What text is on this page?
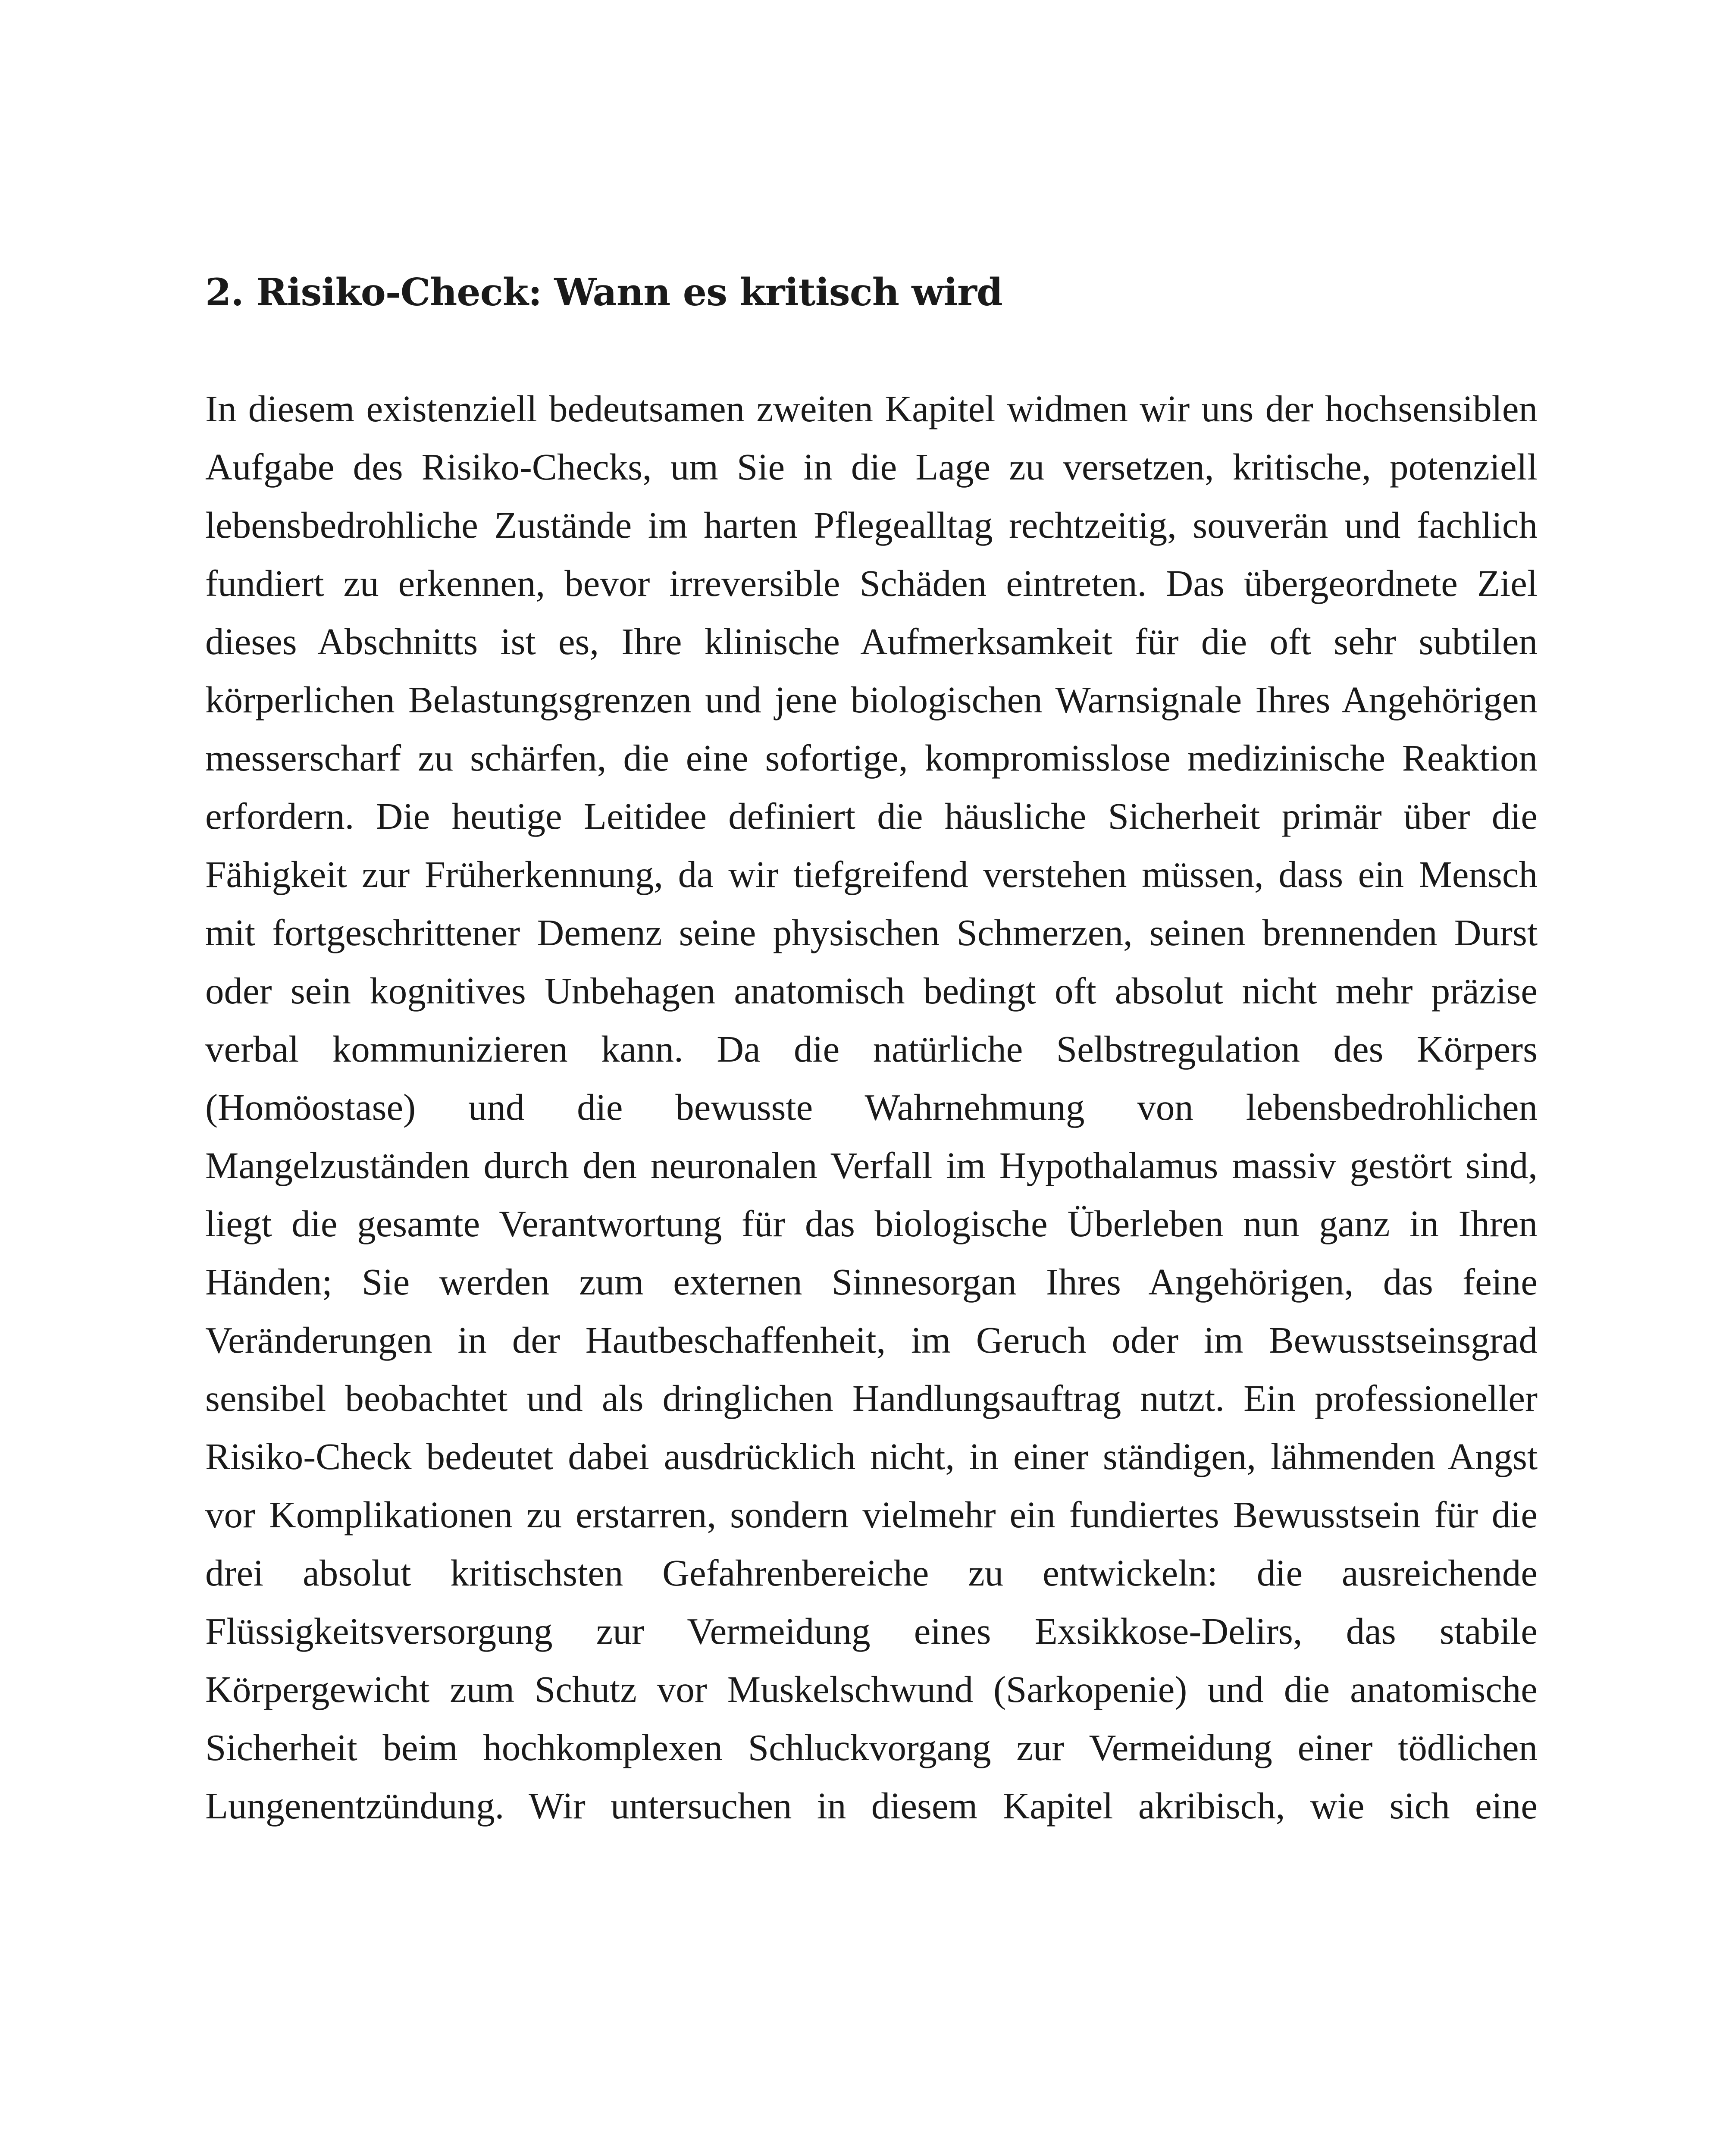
2. Risiko-Check: Wann es kritisch wird

In diesem existenziell bedeutsamen zweiten Kapitel widmen wir uns der hochsensiblen Aufgabe des Risiko-Checks, um Sie in die Lage zu versetzen, kritische, potenziell lebensbedrohliche Zustände im harten Pflegealltag rechtzeitig, souverän und fachlich fundiert zu erkennen, bevor irreversible Schäden eintreten. Das übergeordnete Ziel dieses Abschnitts ist es, Ihre klinische Aufmerksamkeit für die oft sehr subtilen körperlichen Belastungsgrenzen und jene biologischen Warnsignale Ihres Angehörigen messerscharf zu schärfen, die eine sofortige, kompromisslose medizinische Reaktion erfordern. Die heutige Leitidee definiert die häusliche Sicherheit primär über die Fähigkeit zur Früherkennung, da wir tiefgreifend verstehen müssen, dass ein Mensch mit fortgeschrittener Demenz seine physischen Schmerzen, seinen brennenden Durst oder sein kognitives Unbehagen anatomisch bedingt oft absolut nicht mehr präzise verbal kommunizieren kann. Da die natürliche Selbstregulation des Körpers (Homöostase) und die bewusste Wahrnehmung von lebensbedrohlichen Mangelzuständen durch den neuronalen Verfall im Hypothalamus massiv gestört sind, liegt die gesamte Verantwortung für das biologische Überleben nun ganz in Ihren Händen; Sie werden zum externen Sinnesorgan Ihres Angehörigen, das feine Veränderungen in der Hautbeschaffenheit, im Geruch oder im Bewusstseinsgrad sensibel beobachtet und als dringlichen Handlungsauftrag nutzt. Ein professioneller Risiko-Check bedeutet dabei ausdrücklich nicht, in einer ständigen, lähmenden Angst vor Komplikationen zu erstarren, sondern vielmehr ein fundiertes Bewusstsein für die drei absolut kritischsten Gefahrenbereiche zu entwickeln: die ausreichende Flüssigkeitsversorgung zur Vermeidung eines Exsikkose-Delirs, das stabile Körpergewicht zum Schutz vor Muskelschwund (Sarkopenie) und die anatomische Sicherheit beim hochkomplexen Schluckvorgang zur Vermeidung einer tödlichen Lungenentzündung. Wir untersuchen in diesem Kapitel akribisch, wie sich eine
